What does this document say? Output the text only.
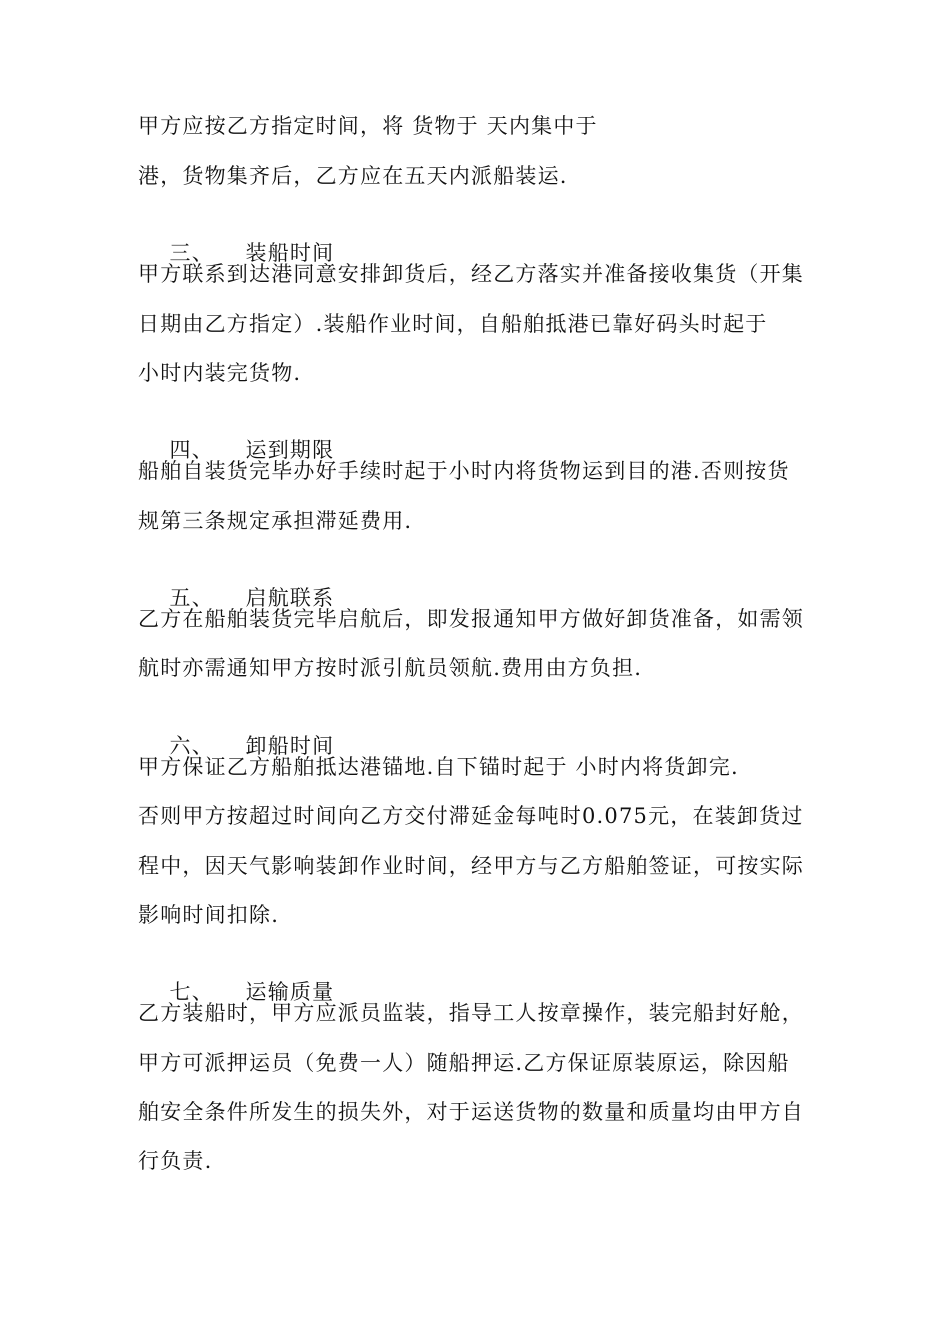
甲方应按乙方指定时间，将 货物于 天内集中于
港，货物集齐后，乙方应在五天内派船装运.

三、 装船时间

甲方联系到达港同意安排卸货后，经乙方落实并准备接收集货（开集
日期由乙方指定）.装船作业时间，自船舶抵港已靠好码头时起于
小时内装完货物.

四、 运到期限

船舶自装货完毕办好手续时起于小时内将货物运到目的港.否则按货
规第三条规定承担滞延费用.

五、 启航联系

乙方在船舶装货完毕启航后，即发报通知甲方做好卸货准备，如需领
航时亦需通知甲方按时派引航员领航.费用由方负担.

六、 卸船时间

甲方保证乙方船舶抵达港锚地.自下锚时起于 小时内将货卸完.
否则甲方按超过时间向乙方交付滞延金每吨时0.075元，在装卸货过
程中，因天气影响装卸作业时间，经甲方与乙方船舶签证，可按实际
影响时间扣除.

七、 运输质量

乙方装船时，甲方应派员监装，指导工人按章操作，装完船封好舱，
甲方可派押运员（免费一人）随船押运.乙方保证原装原运，除因船
舶安全条件所发生的损失外，对于运送货物的数量和质量均由甲方自
行负责.
